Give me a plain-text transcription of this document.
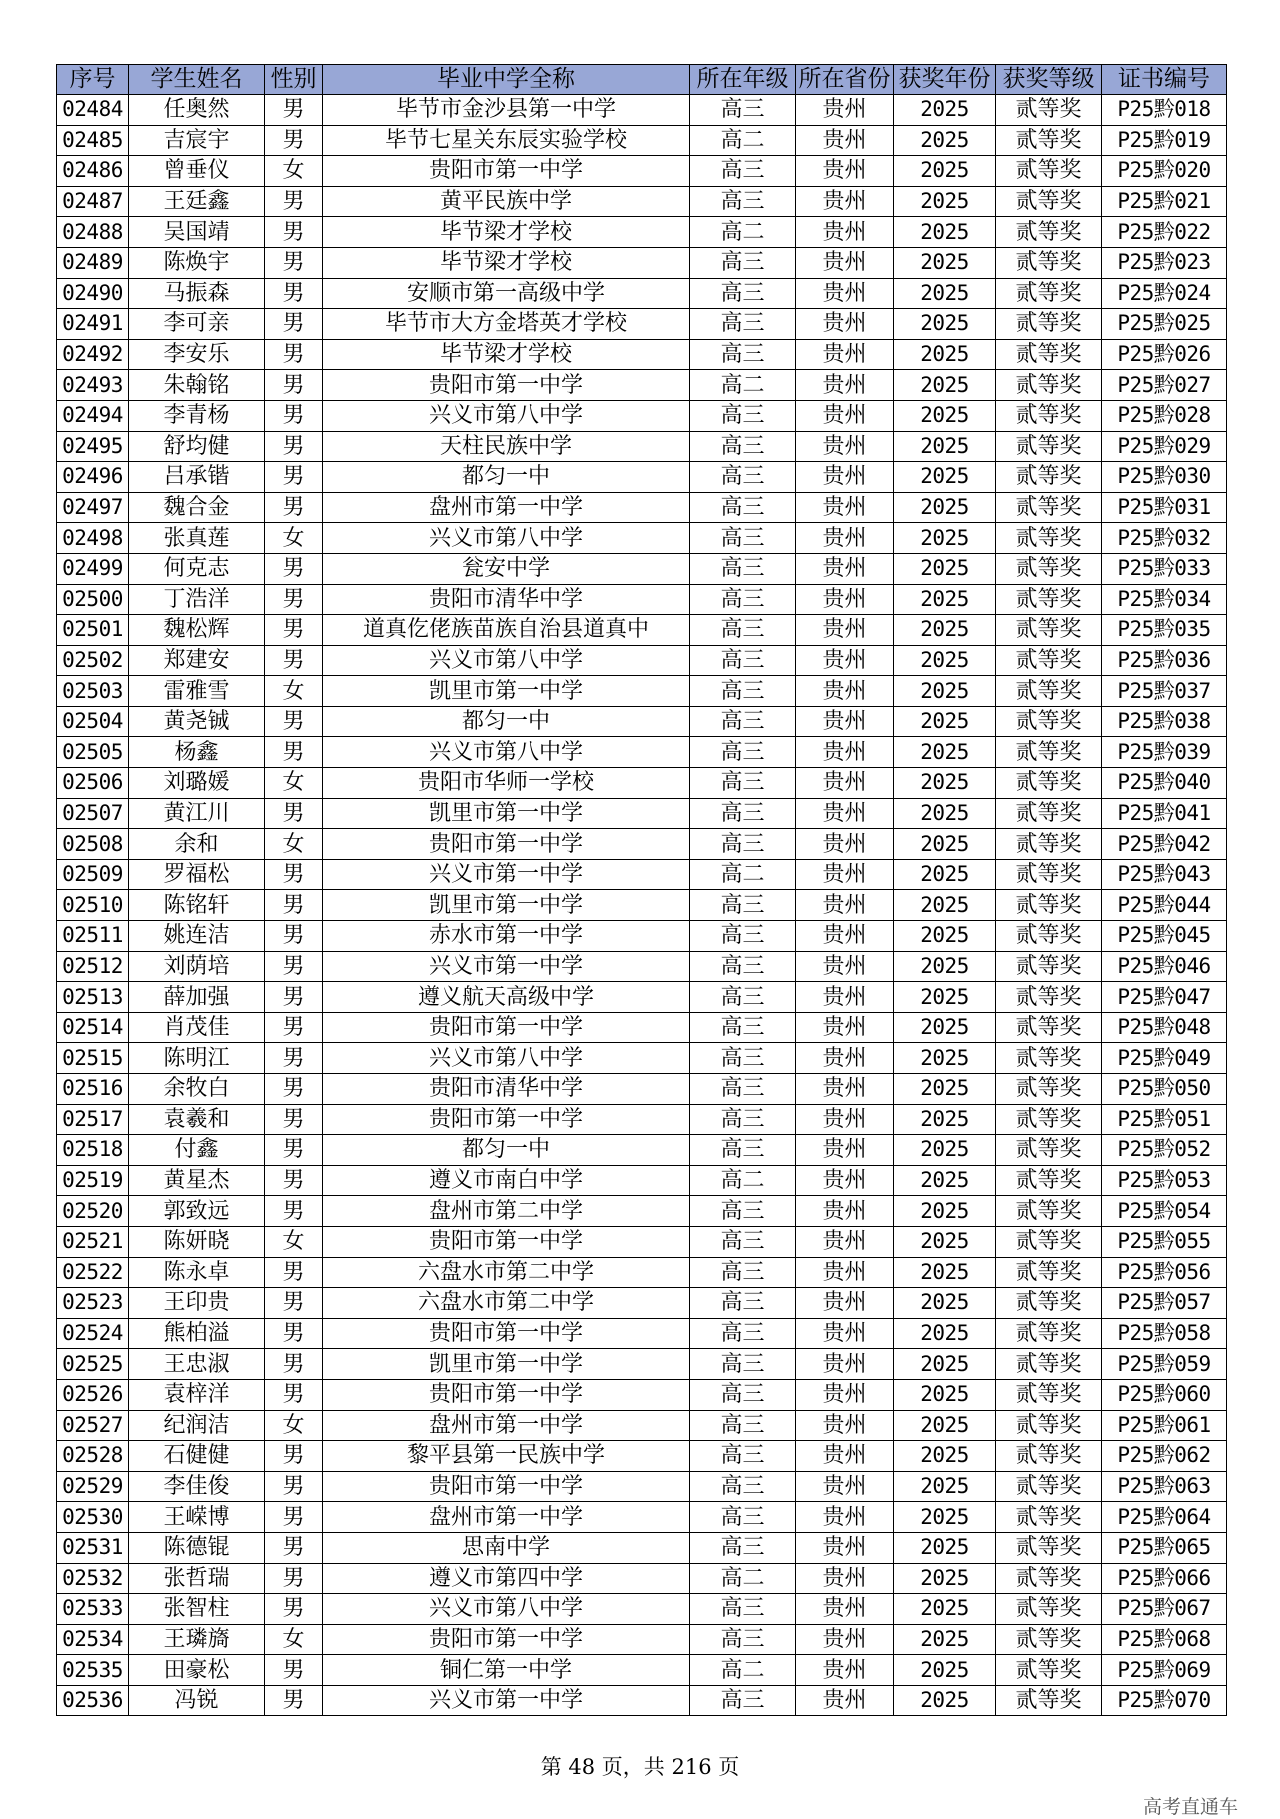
序号	学生姓名	性别	毕业中学全称	所在年级	所在省份	获奖年份	获奖等级	证书编号
02484	任奥然	男	毕节市金沙县第一中学	高三	贵州	2025	贰等奖	P25黔018
02485	吉宸宇	男	毕节七星关东辰实验学校	高二	贵州	2025	贰等奖	P25黔019
02486	曾垂仪	女	贵阳市第一中学	高三	贵州	2025	贰等奖	P25黔020
02487	王廷鑫	男	黄平民族中学	高三	贵州	2025	贰等奖	P25黔021
02488	吴国靖	男	毕节梁才学校	高二	贵州	2025	贰等奖	P25黔022
02489	陈焕宇	男	毕节梁才学校	高三	贵州	2025	贰等奖	P25黔023
02490	马振森	男	安顺市第一高级中学	高三	贵州	2025	贰等奖	P25黔024
02491	李可亲	男	毕节市大方金塔英才学校	高三	贵州	2025	贰等奖	P25黔025
02492	李安乐	男	毕节梁才学校	高三	贵州	2025	贰等奖	P25黔026
02493	朱翰铭	男	贵阳市第一中学	高二	贵州	2025	贰等奖	P25黔027
02494	李青杨	男	兴义市第八中学	高三	贵州	2025	贰等奖	P25黔028
02495	舒均健	男	天柱民族中学	高三	贵州	2025	贰等奖	P25黔029
02496	吕承锴	男	都匀一中	高三	贵州	2025	贰等奖	P25黔030
02497	魏合金	男	盘州市第一中学	高三	贵州	2025	贰等奖	P25黔031
02498	张真莲	女	兴义市第八中学	高三	贵州	2025	贰等奖	P25黔032
02499	何克志	男	瓮安中学	高三	贵州	2025	贰等奖	P25黔033
02500	丁浩洋	男	贵阳市清华中学	高三	贵州	2025	贰等奖	P25黔034
02501	魏松辉	男	道真仡佬族苗族自治县道真中	高三	贵州	2025	贰等奖	P25黔035
02502	郑建安	男	兴义市第八中学	高三	贵州	2025	贰等奖	P25黔036
02503	雷雅雪	女	凯里市第一中学	高三	贵州	2025	贰等奖	P25黔037
02504	黄尧铖	男	都匀一中	高三	贵州	2025	贰等奖	P25黔038
02505	杨鑫	男	兴义市第八中学	高三	贵州	2025	贰等奖	P25黔039
02506	刘璐媛	女	贵阳市华师一学校	高三	贵州	2025	贰等奖	P25黔040
02507	黄江川	男	凯里市第一中学	高三	贵州	2025	贰等奖	P25黔041
02508	余和	女	贵阳市第一中学	高三	贵州	2025	贰等奖	P25黔042
02509	罗福松	男	兴义市第一中学	高二	贵州	2025	贰等奖	P25黔043
02510	陈铭轩	男	凯里市第一中学	高三	贵州	2025	贰等奖	P25黔044
02511	姚连洁	男	赤水市第一中学	高三	贵州	2025	贰等奖	P25黔045
02512	刘荫培	男	兴义市第一中学	高三	贵州	2025	贰等奖	P25黔046
02513	薛加强	男	遵义航天高级中学	高三	贵州	2025	贰等奖	P25黔047
02514	肖茂佳	男	贵阳市第一中学	高三	贵州	2025	贰等奖	P25黔048
02515	陈明江	男	兴义市第八中学	高三	贵州	2025	贰等奖	P25黔049
02516	余牧白	男	贵阳市清华中学	高三	贵州	2025	贰等奖	P25黔050
02517	袁羲和	男	贵阳市第一中学	高三	贵州	2025	贰等奖	P25黔051
02518	付鑫	男	都匀一中	高三	贵州	2025	贰等奖	P25黔052
02519	黄星杰	男	遵义市南白中学	高二	贵州	2025	贰等奖	P25黔053
02520	郭致远	男	盘州市第二中学	高三	贵州	2025	贰等奖	P25黔054
02521	陈妍晓	女	贵阳市第一中学	高三	贵州	2025	贰等奖	P25黔055
02522	陈永卓	男	六盘水市第二中学	高三	贵州	2025	贰等奖	P25黔056
02523	王印贵	男	六盘水市第二中学	高三	贵州	2025	贰等奖	P25黔057
02524	熊柏溢	男	贵阳市第一中学	高三	贵州	2025	贰等奖	P25黔058
02525	王忠淑	男	凯里市第一中学	高三	贵州	2025	贰等奖	P25黔059
02526	袁梓洋	男	贵阳市第一中学	高三	贵州	2025	贰等奖	P25黔060
02527	纪润洁	女	盘州市第一中学	高三	贵州	2025	贰等奖	P25黔061
02528	石健健	男	黎平县第一民族中学	高三	贵州	2025	贰等奖	P25黔062
02529	李佳俊	男	贵阳市第一中学	高三	贵州	2025	贰等奖	P25黔063
02530	王嵘博	男	盘州市第一中学	高三	贵州	2025	贰等奖	P25黔064
02531	陈德锟	男	思南中学	高三	贵州	2025	贰等奖	P25黔065
02532	张哲瑞	男	遵义市第四中学	高二	贵州	2025	贰等奖	P25黔066
02533	张智柱	男	兴义市第八中学	高三	贵州	2025	贰等奖	P25黔067
02534	王璘旖	女	贵阳市第一中学	高三	贵州	2025	贰等奖	P25黔068
02535	田豪松	男	铜仁第一中学	高二	贵州	2025	贰等奖	P25黔069
02536	冯锐	男	兴义市第一中学	高三	贵州	2025	贰等奖	P25黔070
第 48 页，共 216 页
高考直通车
